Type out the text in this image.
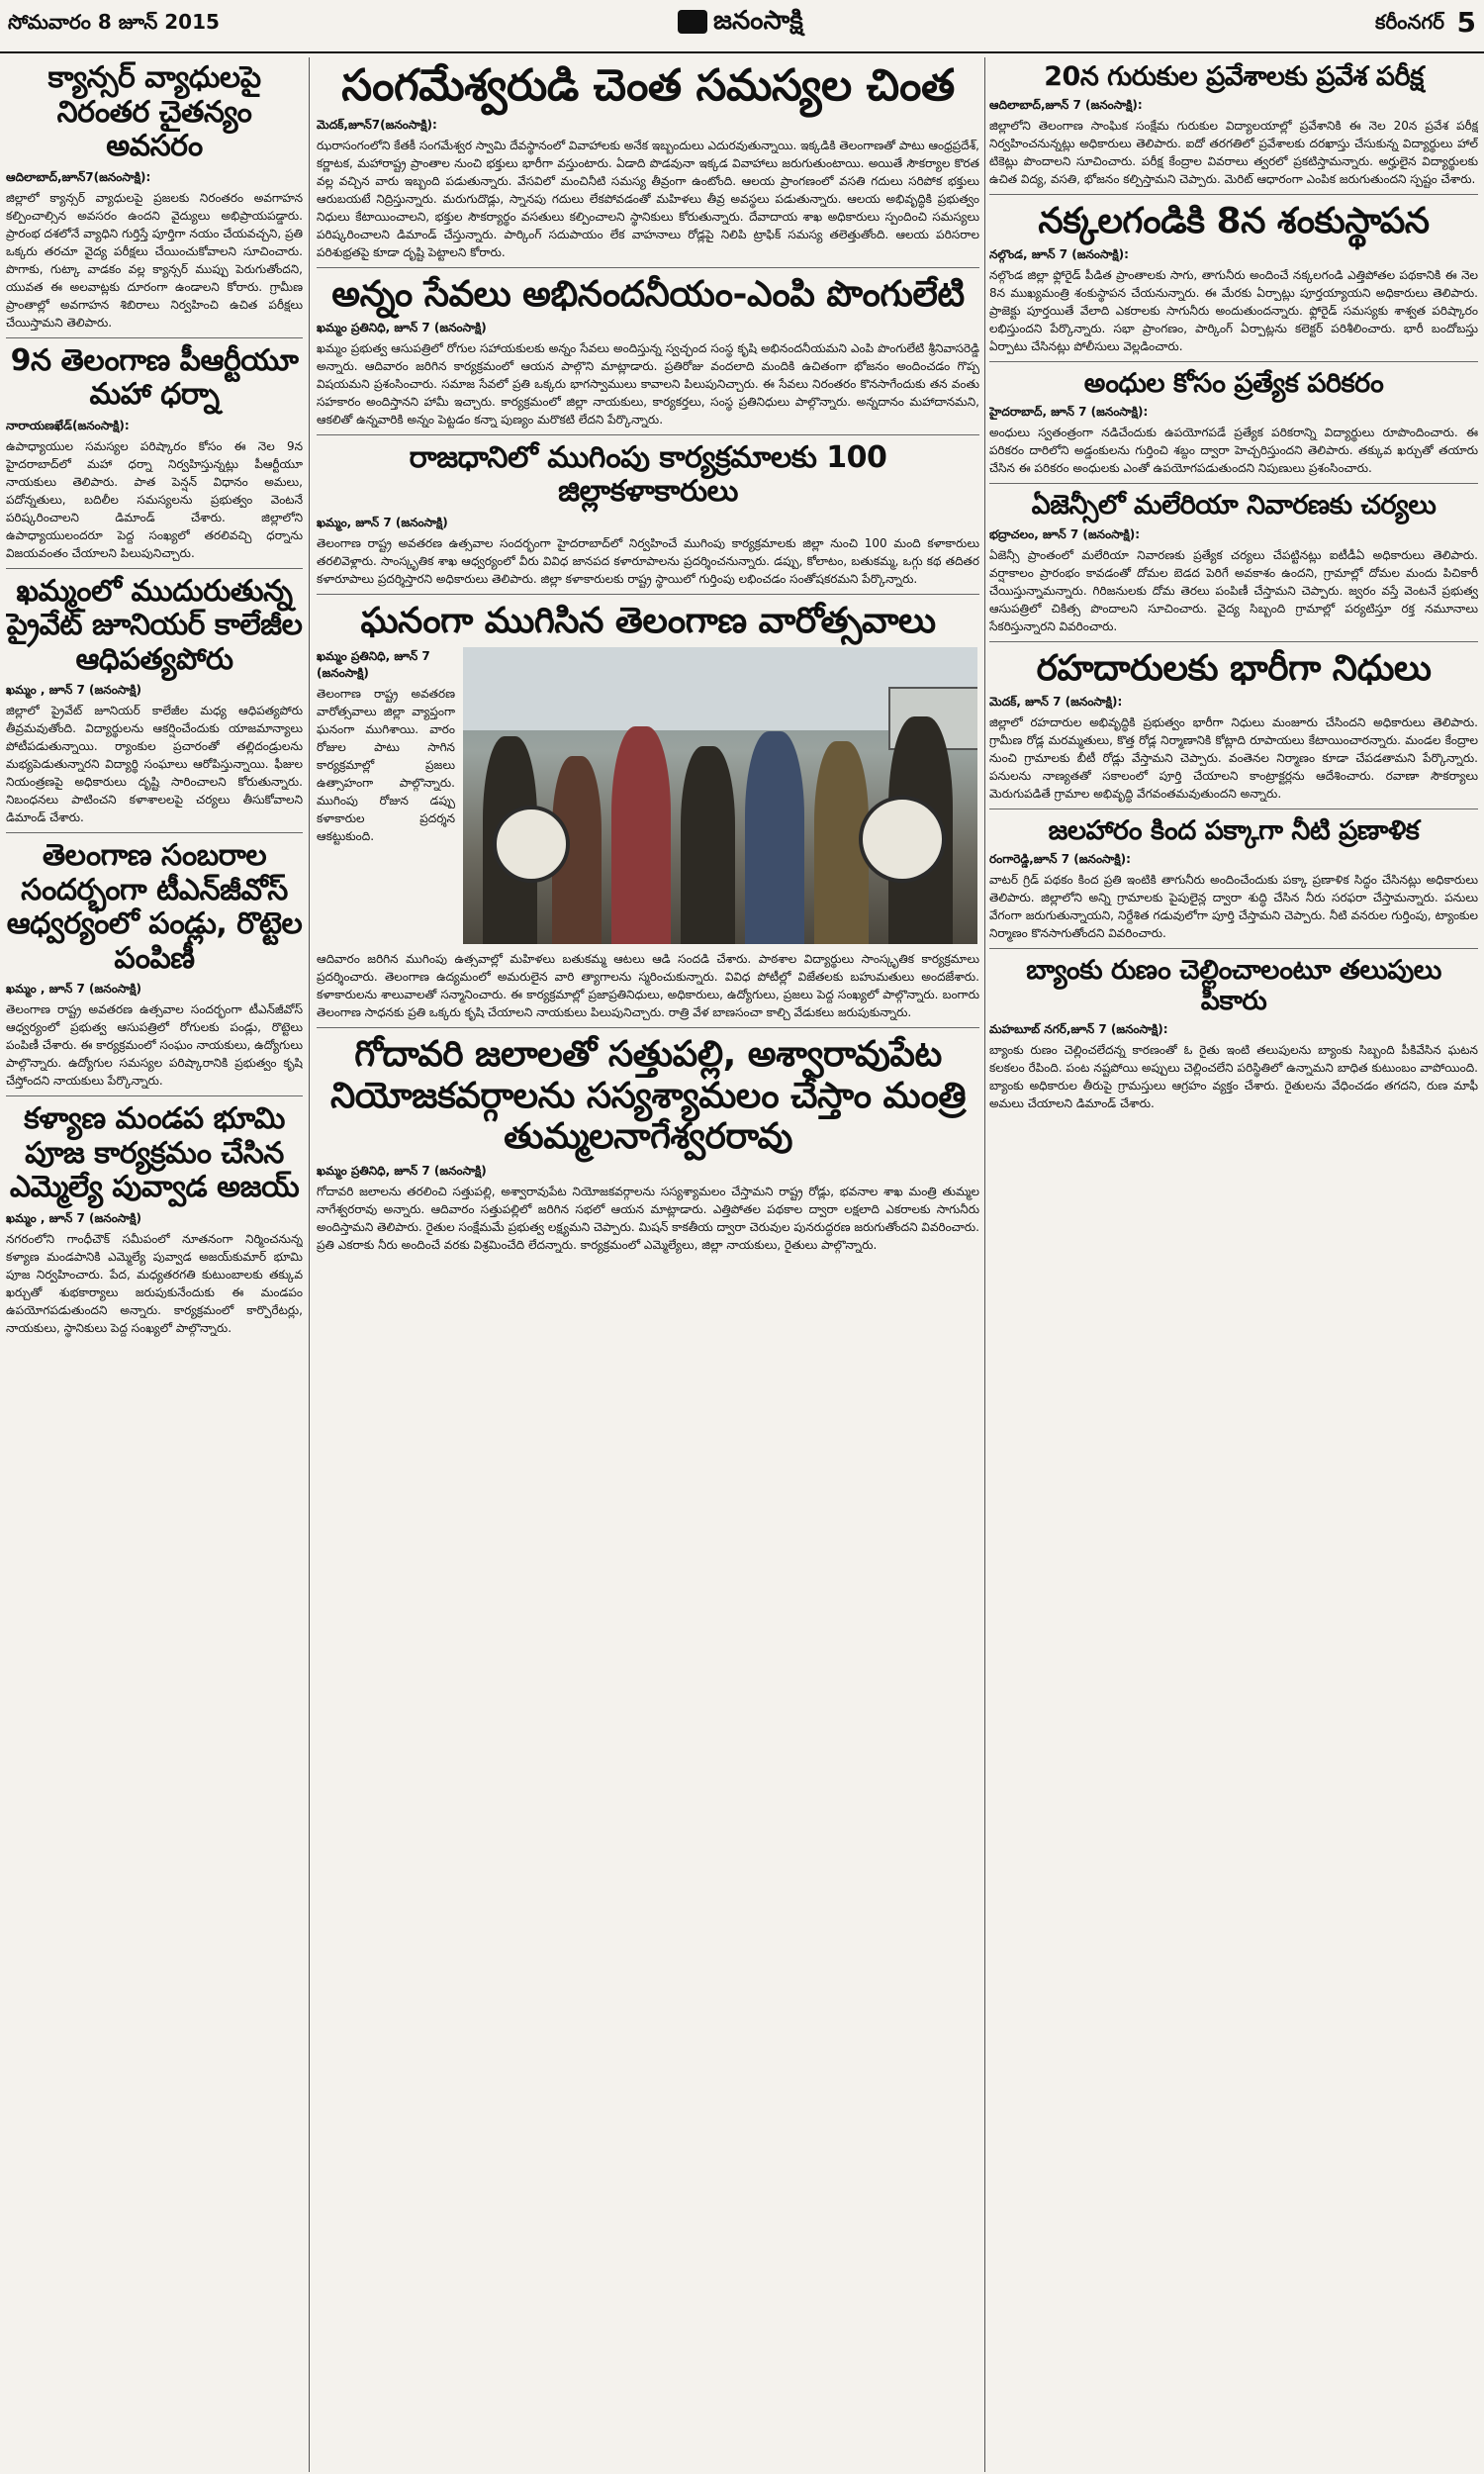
సోమవారం 8 జూన్ 2015	జనంసాక్షి	కరీంనగర్ 5
క్యాన్సర్ వ్యాధులపై నిరంతర చైతన్యం అవసరం
ఆదిలాబాద్,జూన్7(జనంసాక్షి):

జిల్లాలో క్యాన్సర్ వ్యాధులపై ప్రజలకు నిరంతరం అవగాహన కల్పించాల్సిన అవసరం ఉందని వైద్యులు అభిప్రాయపడ్డారు. ప్రారంభ దశలోనే వ్యాధిని గుర్తిస్తే పూర్తిగా నయం చేయవచ్చని, ప్రతి ఒక్కరు తరచూ వైద్య పరీక్షలు చేయించుకోవాలని సూచించారు. పొగాకు, గుట్కా వాడకం వల్ల క్యాన్సర్ ముప్పు పెరుగుతోందని, యువత ఈ అలవాట్లకు దూరంగా ఉండాలని కోరారు. గ్రామీణ ప్రాంతాల్లో అవగాహన శిబిరాలు నిర్వహించి ఉచిత పరీక్షలు చేయిస్తామని తెలిపారు.

9న తెలంగాణ పీఆర్టీయూ మహా ధర్నా
నారాయణఖేడ్(జనంసాక్షి):

ఉపాధ్యాయుల సమస్యల పరిష్కారం కోసం ఈ నెల 9న హైదరాబాద్‌లో మహా ధర్నా నిర్వహిస్తున్నట్లు పీఆర్టీయూ నాయకులు తెలిపారు. పాత పెన్షన్ విధానం అమలు, పదోన్నతులు, బదిలీల సమస్యలను ప్రభుత్వం వెంటనే పరిష్కరించాలని డిమాండ్ చేశారు. జిల్లాలోని ఉపాధ్యాయులందరూ పెద్ద సంఖ్యలో తరలివచ్చి ధర్నాను విజయవంతం చేయాలని పిలుపునిచ్చారు.

ఖమ్మంలో ముదురుతున్న ప్రైవేట్ జూనియర్ కాలేజీల ఆధిపత్యపోరు
ఖమ్మం , జూన్ 7 (జనంసాక్షి)

జిల్లాలో ప్రైవేట్ జూనియర్ కాలేజీల మధ్య ఆధిపత్యపోరు తీవ్రమవుతోంది. విద్యార్థులను ఆకర్షించేందుకు యాజమాన్యాలు పోటీపడుతున్నాయి. ర్యాంకుల ప్రచారంతో తల్లిదండ్రులను మభ్యపెడుతున్నారని విద్యార్థి సంఘాలు ఆరోపిస్తున్నాయి. ఫీజుల నియంత్రణపై అధికారులు దృష్టి సారించాలని కోరుతున్నారు. నిబంధనలు పాటించని కళాశాలలపై చర్యలు తీసుకోవాలని డిమాండ్ చేశారు.

తెలంగాణ సంబరాల సందర్భంగా టీఎన్‌జీవోస్ ఆధ్వర్యంలో పండ్లు, రొట్టెల పంపిణీ
ఖమ్మం , జూన్ 7 (జనంసాక్షి)

తెలంగాణ రాష్ట్ర అవతరణ ఉత్సవాల సందర్భంగా టీఎన్‌జీవోస్ ఆధ్వర్యంలో ప్రభుత్వ ఆసుపత్రిలో రోగులకు పండ్లు, రొట్టెలు పంపిణీ చేశారు. ఈ కార్యక్రమంలో సంఘం నాయకులు, ఉద్యోగులు పాల్గొన్నారు. ఉద్యోగుల సమస్యల పరిష్కారానికి ప్రభుత్వం కృషి చేస్తోందని నాయకులు పేర్కొన్నారు.

కళ్యాణ మండప భూమి పూజ కార్యక్రమం చేసిన ఎమ్మెల్యే పువ్వాడ అజయ్
ఖమ్మం , జూన్ 7 (జనంసాక్షి)

నగరంలోని గాంధీచౌక్ సమీపంలో నూతనంగా నిర్మించనున్న కళ్యాణ మండపానికి ఎమ్మెల్యే పువ్వాడ అజయ్‌కుమార్ భూమి పూజ నిర్వహించారు. పేద, మధ్యతరగతి కుటుంబాలకు తక్కువ ఖర్చుతో శుభకార్యాలు జరుపుకునేందుకు ఈ మండపం ఉపయోగపడుతుందని అన్నారు. కార్యక్రమంలో కార్పొరేటర్లు, నాయకులు, స్థానికులు పెద్ద సంఖ్యలో పాల్గొన్నారు.

సంగమేశ్వరుడి చెంత సమస్యల చింత
మెదక్,జూన్7(జనంసాక్షి):

ఝరాసంగంలోని కేతకీ సంగమేశ్వర స్వామి దేవస్థానంలో వివాహాలకు అనేక ఇబ్బందులు ఎదురవుతున్నాయి. ఇక్కడికి తెలంగాణతో పాటు ఆంధ్రప్రదేశ్, కర్ణాటక, మహారాష్ట్ర ప్రాంతాల నుంచి భక్తులు భారీగా వస్తుంటారు. ఏడాది పొడవునా ఇక్కడ వివాహాలు జరుగుతుంటాయి. అయితే సౌకర్యాల కొరత వల్ల వచ్చిన వారు ఇబ్బంది పడుతున్నారు. వేసవిలో మంచినీటి సమస్య తీవ్రంగా ఉంటోంది. ఆలయ ప్రాంగణంలో వసతి గదులు సరిపోక భక్తులు ఆరుబయటే నిద్రిస్తున్నారు. మరుగుదొడ్లు, స్నానపు గదులు లేకపోవడంతో మహిళలు తీవ్ర అవస్థలు పడుతున్నారు. ఆలయ అభివృద్ధికి ప్రభుత్వం నిధులు కేటాయించాలని, భక్తుల సౌకర్యార్థం వసతులు కల్పించాలని స్థానికులు కోరుతున్నారు. దేవాదాయ శాఖ అధికారులు స్పందించి సమస్యలు పరిష్కరించాలని డిమాండ్ చేస్తున్నారు. పార్కింగ్ సదుపాయం లేక వాహనాలు రోడ్లపై నిలిపి ట్రాఫిక్ సమస్య తలెత్తుతోంది. ఆలయ పరిసరాల పరిశుభ్రతపై కూడా దృష్టి పెట్టాలని కోరారు.

అన్నం సేవలు అభినందనీయం-ఎంపి పొంగులేటి
ఖమ్మం ప్రతినిధి, జూన్ 7 (జనంసాక్షి)

ఖమ్మం ప్రభుత్వ ఆసుపత్రిలో రోగుల సహాయకులకు అన్నం సేవలు అందిస్తున్న స్వచ్ఛంద సంస్థ కృషి అభినందనీయమని ఎంపి పొంగులేటి శ్రీనివాసరెడ్డి అన్నారు. ఆదివారం జరిగిన కార్యక్రమంలో ఆయన పాల్గొని మాట్లాడారు. ప్రతిరోజు వందలాది మందికి ఉచితంగా భోజనం అందించడం గొప్ప విషయమని ప్రశంసించారు. సమాజ సేవలో ప్రతి ఒక్కరు భాగస్వాములు కావాలని పిలుపునిచ్చారు. ఈ సేవలు నిరంతరం కొనసాగేందుకు తన వంతు సహకారం అందిస్తానని హామీ ఇచ్చారు. కార్యక్రమంలో జిల్లా నాయకులు, కార్యకర్తలు, సంస్థ ప్రతినిధులు పాల్గొన్నారు. అన్నదానం మహాదానమని, ఆకలితో ఉన్నవారికి అన్నం పెట్టడం కన్నా పుణ్యం మరొకటి లేదని పేర్కొన్నారు.

రాజధానిలో ముగింపు కార్యక్రమాలకు 100 జిల్లాకళాకారులు
ఖమ్మం, జూన్ 7 (జనంసాక్షి)

తెలంగాణ రాష్ట్ర అవతరణ ఉత్సవాల సందర్భంగా హైదరాబాద్‌లో నిర్వహించే ముగింపు కార్యక్రమాలకు జిల్లా నుంచి 100 మంది కళాకారులు తరలివెళ్లారు. సాంస్కృతిక శాఖ ఆధ్వర్యంలో వీరు వివిధ జానపద కళారూపాలను ప్రదర్శించనున్నారు. డప్పు, కోలాటం, బతుకమ్మ, ఒగ్గు కథ తదితర కళారూపాలు ప్రదర్శిస్తారని అధికారులు తెలిపారు. జిల్లా కళాకారులకు రాష్ట్ర స్థాయిలో గుర్తింపు లభించడం సంతోషకరమని పేర్కొన్నారు.

ఘనంగా ముగిసిన తెలంగాణ వారోత్సవాలు
ఖమ్మం ప్రతినిధి, జూన్ 7 (జనంసాక్షి)

తెలంగాణ రాష్ట్ర అవతరణ వారోత్సవాలు జిల్లా వ్యాప్తంగా ఘనంగా ముగిశాయి. వారం రోజుల పాటు సాగిన కార్యక్రమాల్లో ప్రజలు ఉత్సాహంగా పాల్గొన్నారు. ముగింపు రోజున డప్పు కళాకారుల ప్రదర్శన ఆకట్టుకుంది.

ఆదివారం జరిగిన ముగింపు ఉత్సవాల్లో మహిళలు బతుకమ్మ ఆటలు ఆడి సందడి చేశారు. పాఠశాల విద్యార్థులు సాంస్కృతిక కార్యక్రమాలు ప్రదర్శించారు. తెలంగాణ ఉద్యమంలో అమరులైన వారి త్యాగాలను స్మరించుకున్నారు. వివిధ పోటీల్లో విజేతలకు బహుమతులు అందజేశారు. కళాకారులను శాలువాలతో సన్మానించారు. ఈ కార్యక్రమాల్లో ప్రజాప్రతినిధులు, అధికారులు, ఉద్యోగులు, ప్రజలు పెద్ద సంఖ్యలో పాల్గొన్నారు. బంగారు తెలంగాణ సాధనకు ప్రతి ఒక్కరు కృషి చేయాలని నాయకులు పిలుపునిచ్చారు. రాత్రి వేళ బాణసంచా కాల్చి వేడుకలు జరుపుకున్నారు.

గోదావరి జలాలతో సత్తుపల్లి, అశ్వారావుపేట నియోజకవర్గాలను సస్యశ్యామలం చేస్తాం మంత్రి తుమ్మలనాగేశ్వరరావు
ఖమ్మం ప్రతినిధి, జూన్ 7 (జనంసాక్షి)

గోదావరి జలాలను తరలించి సత్తుపల్లి, అశ్వారావుపేట నియోజకవర్గాలను సస్యశ్యామలం చేస్తామని రాష్ట్ర రోడ్లు, భవనాల శాఖ మంత్రి తుమ్మల నాగేశ్వరరావు అన్నారు. ఆదివారం సత్తుపల్లిలో జరిగిన సభలో ఆయన మాట్లాడారు. ఎత్తిపోతల పథకాల ద్వారా లక్షలాది ఎకరాలకు సాగునీరు అందిస్తామని తెలిపారు. రైతుల సంక్షేమమే ప్రభుత్వ లక్ష్యమని చెప్పారు. మిషన్ కాకతీయ ద్వారా చెరువుల పునరుద్ధరణ జరుగుతోందని వివరించారు. ప్రతి ఎకరాకు నీరు అందించే వరకు విశ్రమించేది లేదన్నారు. కార్యక్రమంలో ఎమ్మెల్యేలు, జిల్లా నాయకులు, రైతులు పాల్గొన్నారు.

20న గురుకుల ప్రవేశాలకు ప్రవేశ పరీక్ష
ఆదిలాబాద్,జూన్ 7 (జనంసాక్షి):

జిల్లాలోని తెలంగాణ సాంఘిక సంక్షేమ గురుకుల విద్యాలయాల్లో ప్రవేశానికి ఈ నెల 20న ప్రవేశ పరీక్ష నిర్వహించనున్నట్లు అధికారులు తెలిపారు. ఐదో తరగతిలో ప్రవేశాలకు దరఖాస్తు చేసుకున్న విద్యార్థులు హాల్ టికెట్లు పొందాలని సూచించారు. పరీక్ష కేంద్రాల వివరాలు త్వరలో ప్రకటిస్తామన్నారు. అర్హులైన విద్యార్థులకు ఉచిత విద్య, వసతి, భోజనం కల్పిస్తామని చెప్పారు. మెరిట్ ఆధారంగా ఎంపిక జరుగుతుందని స్పష్టం చేశారు.

నక్కలగండికి 8న శంకుస్థాపన
నల్గొండ, జూన్ 7 (జనంసాక్షి):

నల్గొండ జిల్లా ఫ్లోరైడ్ పీడిత ప్రాంతాలకు సాగు, తాగునీరు అందించే నక్కలగండి ఎత్తిపోతల పథకానికి ఈ నెల 8న ముఖ్యమంత్రి శంకుస్థాపన చేయనున్నారు. ఈ మేరకు ఏర్పాట్లు పూర్తయ్యాయని అధికారులు తెలిపారు. ప్రాజెక్టు పూర్తయితే వేలాది ఎకరాలకు సాగునీరు అందుతుందన్నారు. ఫ్లోరైడ్ సమస్యకు శాశ్వత పరిష్కారం లభిస్తుందని పేర్కొన్నారు. సభా ప్రాంగణం, పార్కింగ్ ఏర్పాట్లను కలెక్టర్ పరిశీలించారు. భారీ బందోబస్తు ఏర్పాటు చేసినట్లు పోలీసులు వెల్లడించారు.

అంధుల కోసం ప్రత్యేక పరికరం
హైదరాబాద్, జూన్ 7 (జనంసాక్షి):

అంధులు స్వతంత్రంగా నడిచేందుకు ఉపయోగపడే ప్రత్యేక పరికరాన్ని విద్యార్థులు రూపొందించారు. ఈ పరికరం దారిలోని అడ్డంకులను గుర్తించి శబ్దం ద్వారా హెచ్చరిస్తుందని తెలిపారు. తక్కువ ఖర్చుతో తయారు చేసిన ఈ పరికరం అంధులకు ఎంతో ఉపయోగపడుతుందని నిపుణులు ప్రశంసించారు.

ఏజెన్సీలో మలేరియా నివారణకు చర్యలు
భద్రాచలం, జూన్ 7 (జనంసాక్షి):

ఏజెన్సీ ప్రాంతంలో మలేరియా నివారణకు ప్రత్యేక చర్యలు చేపట్టినట్లు ఐటీడీఏ అధికారులు తెలిపారు. వర్షాకాలం ప్రారంభం కావడంతో దోమల బెడద పెరిగే అవకాశం ఉందని, గ్రామాల్లో దోమల మందు పిచికారీ చేయిస్తున్నామన్నారు. గిరిజనులకు దోమ తెరలు పంపిణీ చేస్తామని చెప్పారు. జ్వరం వస్తే వెంటనే ప్రభుత్వ ఆసుపత్రిలో చికిత్స పొందాలని సూచించారు. వైద్య సిబ్బంది గ్రామాల్లో పర్యటిస్తూ రక్త నమూనాలు సేకరిస్తున్నారని వివరించారు.

రహదారులకు భారీగా నిధులు
మెదక్, జూన్ 7 (జనంసాక్షి):

జిల్లాలో రహదారుల అభివృద్ధికి ప్రభుత్వం భారీగా నిధులు మంజూరు చేసిందని అధికారులు తెలిపారు. గ్రామీణ రోడ్ల మరమ్మతులు, కొత్త రోడ్ల నిర్మాణానికి కోట్లాది రూపాయలు కేటాయించారన్నారు. మండల కేంద్రాల నుంచి గ్రామాలకు బీటీ రోడ్లు వేస్తామని చెప్పారు. వంతెనల నిర్మాణం కూడా చేపడతామని పేర్కొన్నారు. పనులను నాణ్యతతో సకాలంలో పూర్తి చేయాలని కాంట్రాక్టర్లను ఆదేశించారు. రవాణా సౌకర్యాలు మెరుగుపడితే గ్రామాల అభివృద్ధి వేగవంతమవుతుందని అన్నారు.

జలహారం కింద పక్కాగా నీటి ప్రణాళిక
రంగారెడ్డి,జూన్ 7 (జనంసాక్షి):

వాటర్ గ్రిడ్ పథకం కింద ప్రతి ఇంటికి తాగునీరు అందించేందుకు పక్కా ప్రణాళిక సిద్ధం చేసినట్లు అధికారులు తెలిపారు. జిల్లాలోని అన్ని గ్రామాలకు పైపులైన్ల ద్వారా శుద్ధి చేసిన నీరు సరఫరా చేస్తామన్నారు. పనులు వేగంగా జరుగుతున్నాయని, నిర్దేశిత గడువులోగా పూర్తి చేస్తామని చెప్పారు. నీటి వనరుల గుర్తింపు, ట్యాంకుల నిర్మాణం కొనసాగుతోందని వివరించారు.

బ్యాంకు రుణం చెల్లించాలంటూ తలుపులు పీకారు
మహబూబ్ నగర్,జూన్ 7 (జనంసాక్షి):

బ్యాంకు రుణం చెల్లించలేదన్న కారణంతో ఓ రైతు ఇంటి తలుపులను బ్యాంకు సిబ్బంది పీకివేసిన ఘటన కలకలం రేపింది. పంట నష్టపోయి అప్పులు చెల్లించలేని పరిస్థితిలో ఉన్నామని బాధిత కుటుంబం వాపోయింది. బ్యాంకు అధికారుల తీరుపై గ్రామస్తులు ఆగ్రహం వ్యక్తం చేశారు. రైతులను వేధించడం తగదని, రుణ మాఫీ అమలు చేయాలని డిమాండ్ చేశారు.
